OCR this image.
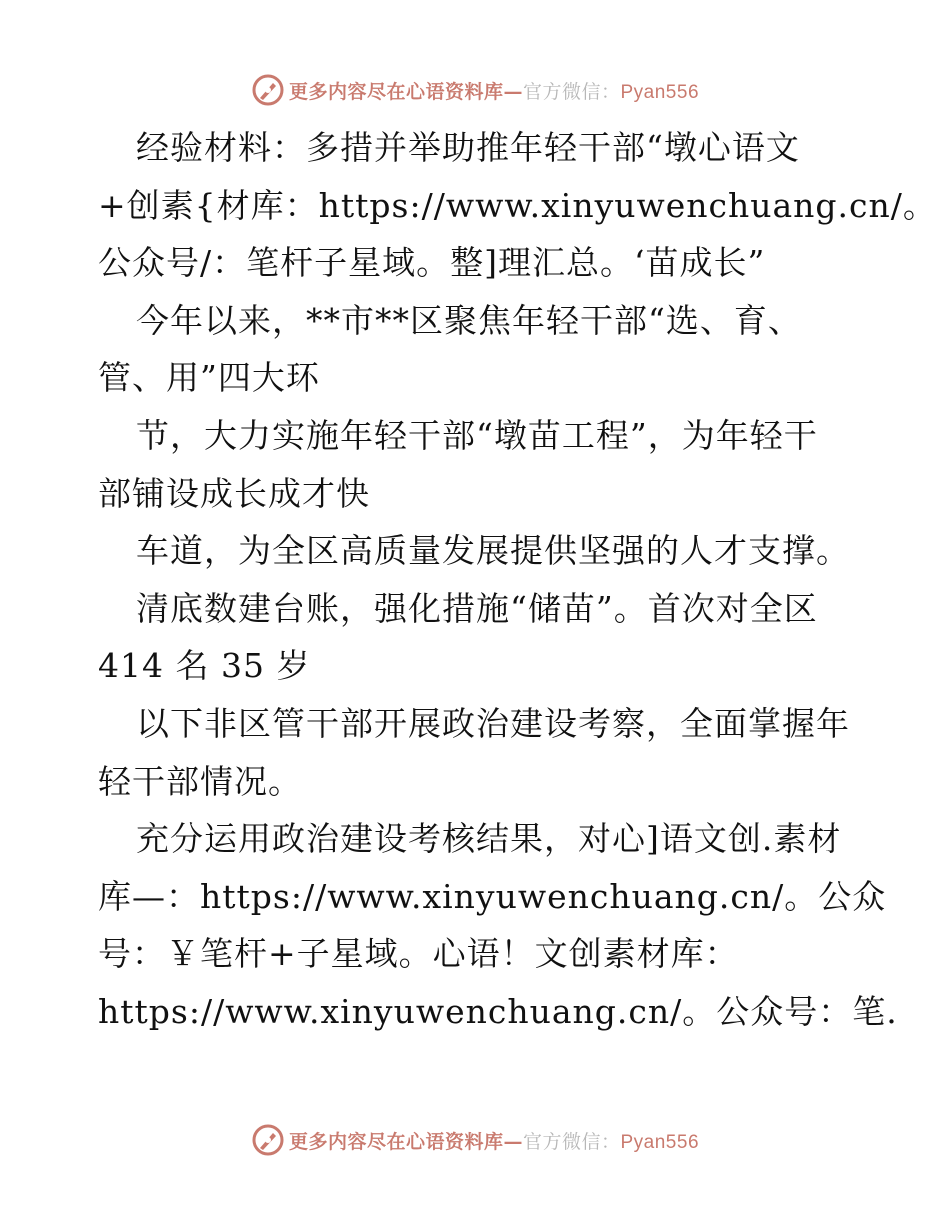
更多内容尽在心语资料库—官方微信：Pyan556
经验材料：多措并举助推年轻干部“墩心语文
+创素{材库：https://www.xinyuwenchuang.cn/。
公众号/：笔杆子星域。整]理汇总。‘苗成长”
今年以来，**市**区聚焦年轻干部“选、育、
管、用”四大环
节，大力实施年轻干部“墩苗工程”，为年轻干
部铺设成长成才快
车道，为全区高质量发展提供坚强的人才支撑。
清底数建台账，强化措施“储苗”。首次对全区
414 名 35 岁
以下非区管干部开展政治建设考察，全面掌握年
轻干部情况。
充分运用政治建设考核结果，对心]语文创.素材
库—：https://www.xinyuwenchuang.cn/。公众
号：￥笔杆+子星域。心语！文创素材库：
https://www.xinyuwenchuang.cn/。公众号：笔.
更多内容尽在心语资料库—官方微信：Pyan556
